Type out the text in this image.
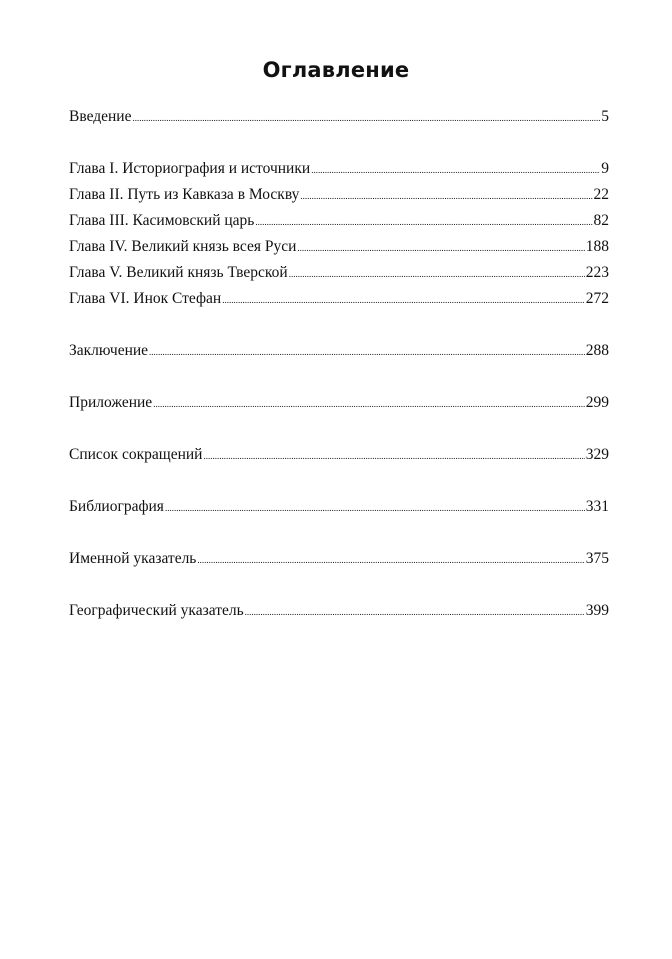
Оглавление
Введение .....	5
Глава I. Историография и источники .....	9
Глава II. Путь из Кавказа в Москву .....	22
Глава III. Касимовский царь .....	82
Глава IV. Великий князь всея Руси .....	188
Глава V. Великий князь Тверской .....	223
Глава VI. Инок Стефан .....	272
Заключение .....	288
Приложение .....	299
Список сокращений .....	329
Библиография .....	331
Именной указатель .....	375
Географический указатель .....	399
